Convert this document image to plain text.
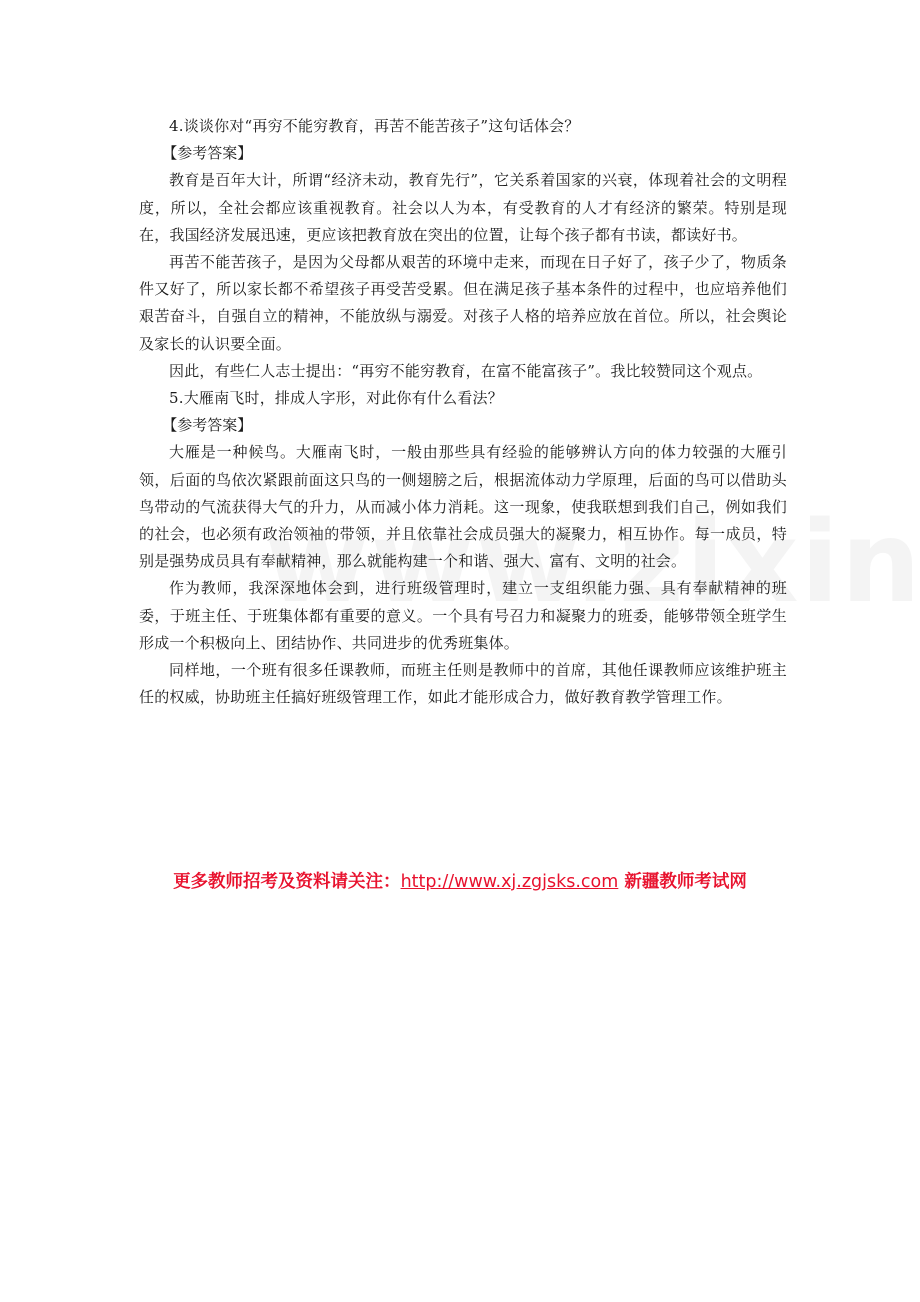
4.谈谈你对“再穷不能穷教育，再苦不能苦孩子”这句话体会？

【参考答案】

教育是百年大计，所谓“经济未动，教育先行”，它关系着国家的兴衰，体现着社会的文明程度，所以，全社会都应该重视教育。社会以人为本，有受教育的人才有经济的繁荣。特别是现在，我国经济发展迅速，更应该把教育放在突出的位置，让每个孩子都有书读，都读好书。

再苦不能苦孩子，是因为父母都从艰苦的环境中走来，而现在日子好了，孩子少了，物质条件又好了，所以家长都不希望孩子再受苦受累。但在满足孩子基本条件的过程中，也应培养他们艰苦奋斗，自强自立的精神，不能放纵与溺爱。对孩子人格的培养应放在首位。所以，社会舆论及家长的认识要全面。

因此，有些仁人志士提出：“再穷不能穷教育，在富不能富孩子”。我比较赞同这个观点。

5.大雁南飞时，排成人字形，对此你有什么看法？

【参考答案】

大雁是一种候鸟。大雁南飞时，一般由那些具有经验的能够辨认方向的体力较强的大雁引领，后面的鸟依次紧跟前面这只鸟的一侧翅膀之后，根据流体动力学原理，后面的鸟可以借助头鸟带动的气流获得大气的升力，从而减小体力消耗。这一现象，使我联想到我们自己，例如我们的社会，也必须有政治领袖的带领，并且依靠社会成员强大的凝聚力，相互协作。每一成员，特别是强势成员具有奉献精神，那么就能构建一个和谐、强大、富有、文明的社会。

作为教师，我深深地体会到，进行班级管理时，建立一支组织能力强、具有奉献精神的班委，于班主任、于班集体都有重要的意义。一个具有号召力和凝聚力的班委，能够带领全班学生形成一个积极向上、团结协作、共同进步的优秀班集体。

同样地，一个班有很多任课教师，而班主任则是教师中的首席，其他任课教师应该维护班主任的权威，协助班主任搞好班级管理工作，如此才能形成合力，做好教育教学管理工作。

更多教师招考及资料请关注：http://www.xj.zgjsks.com 新疆教师考试网
